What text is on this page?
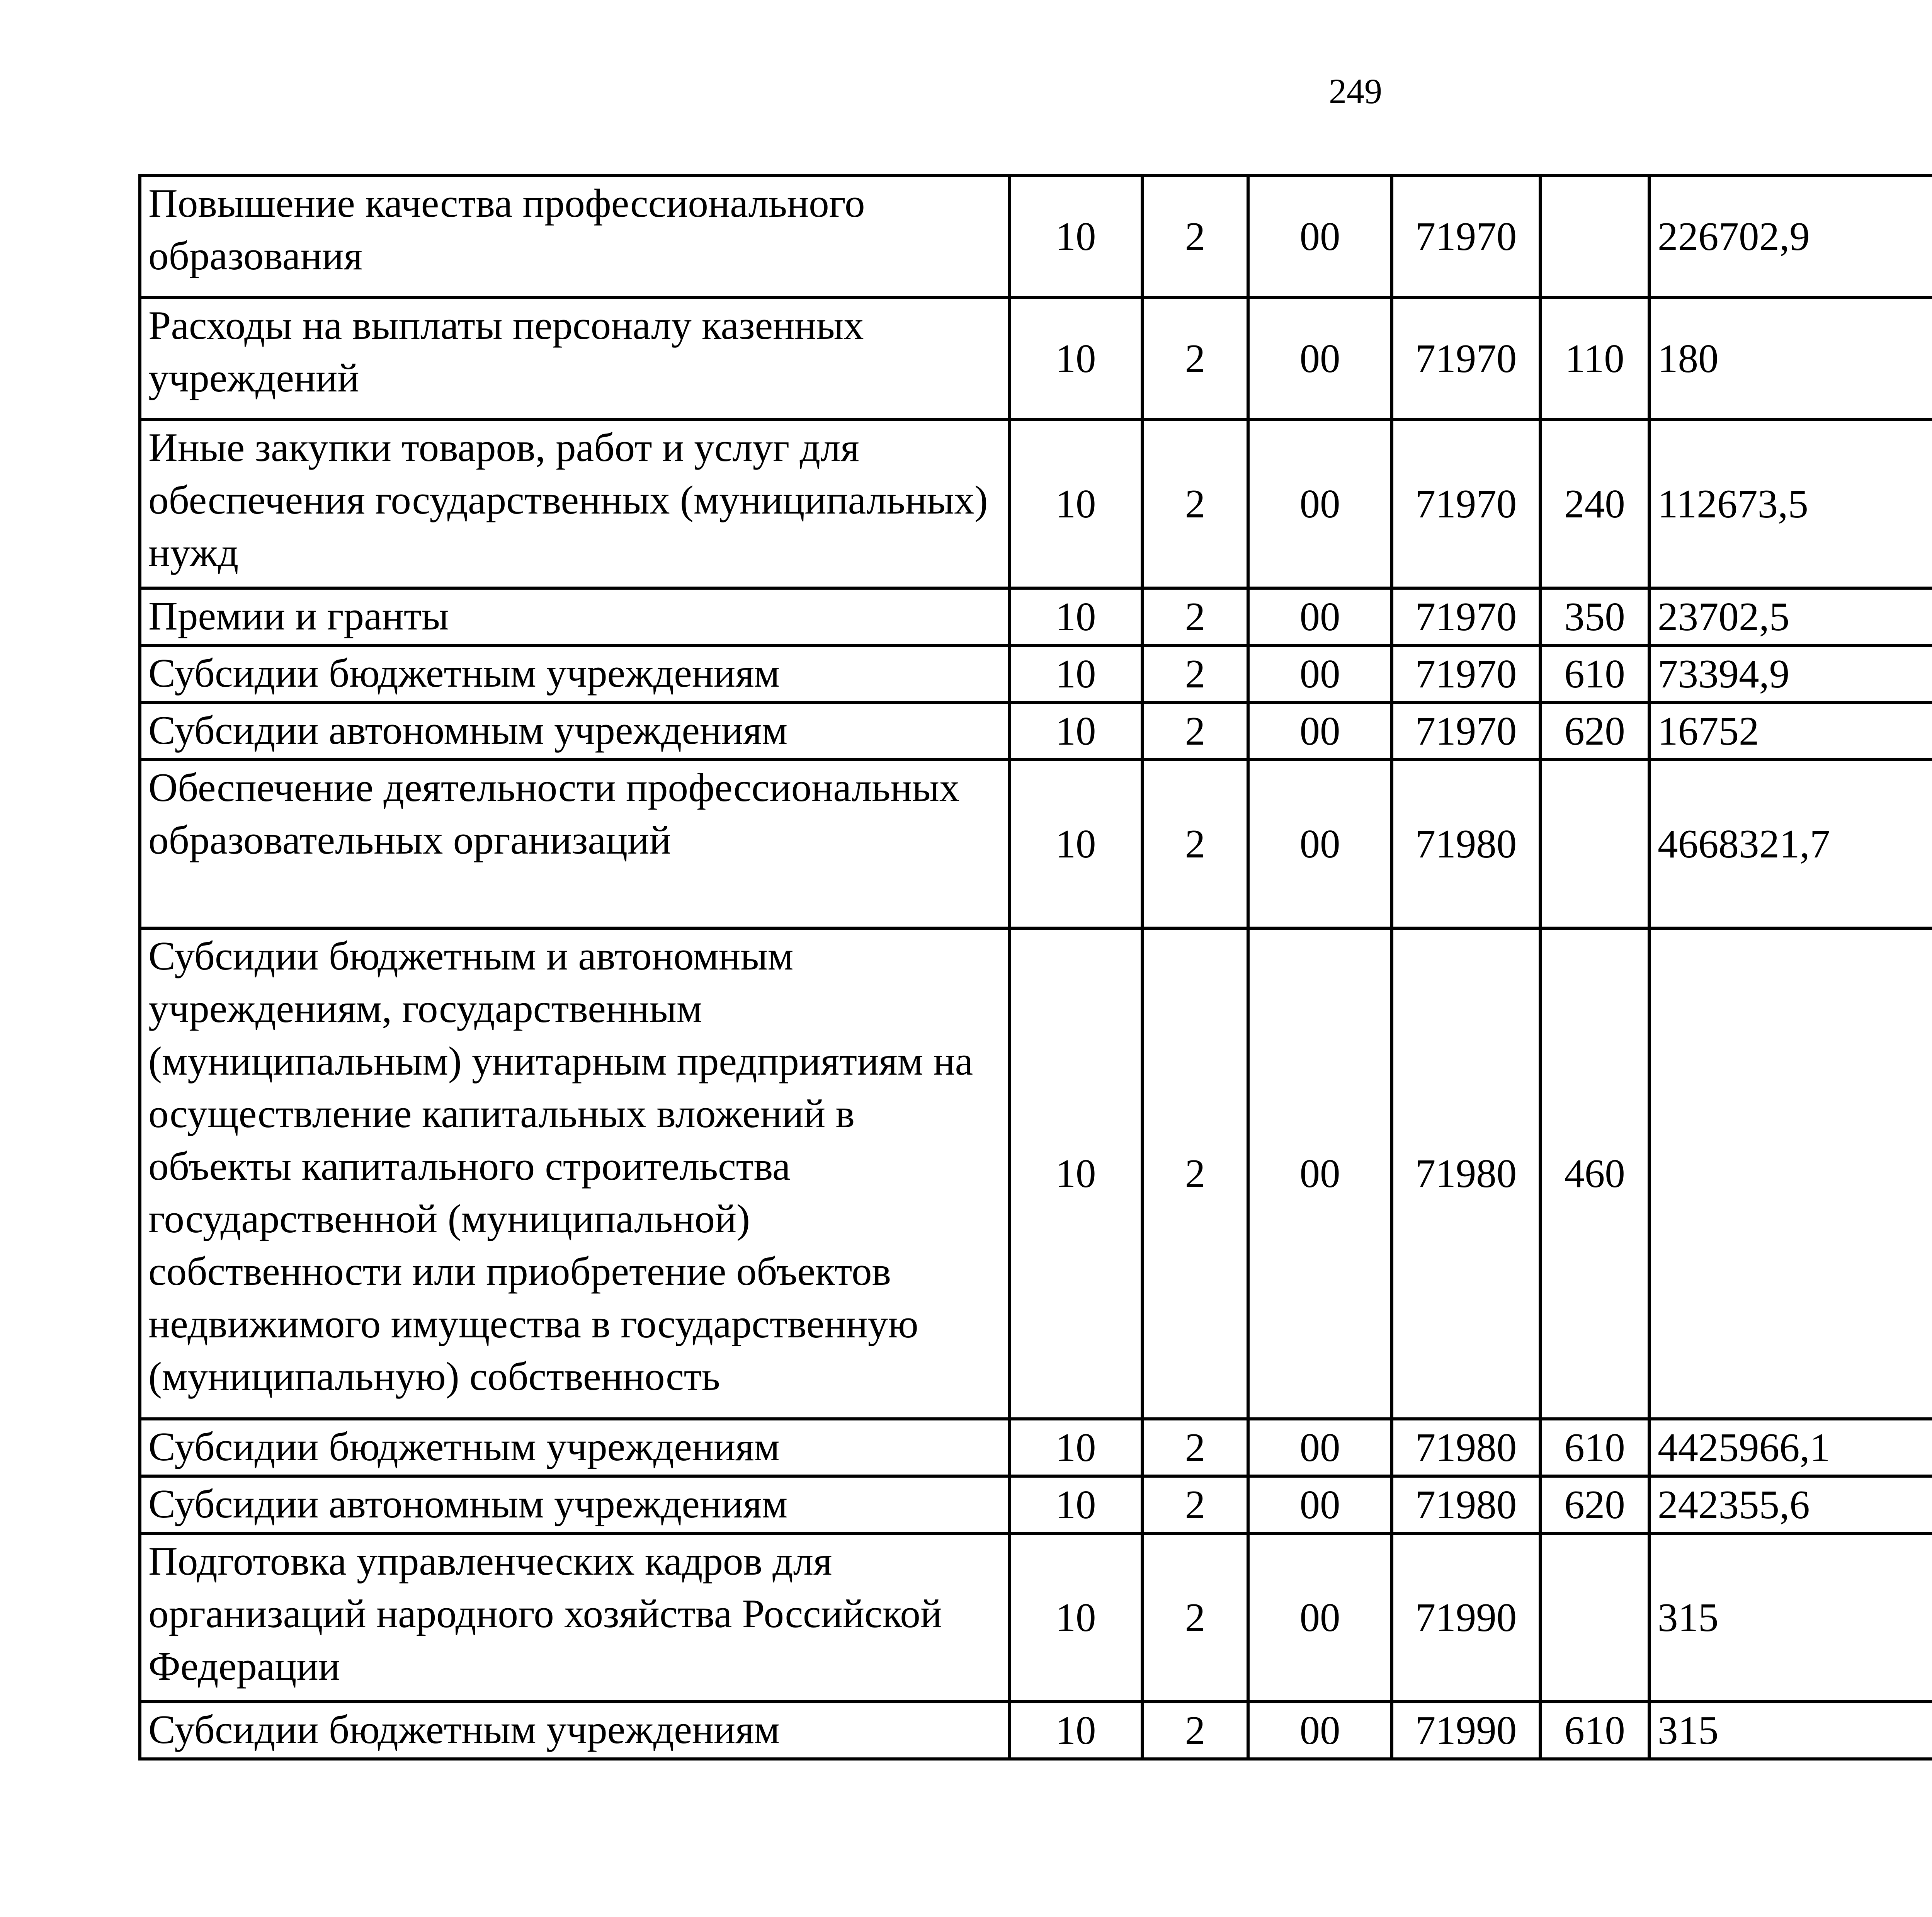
249
Повышение качества профессионального образования	10	2	00	71970		226702,9		
Расходы на выплаты персоналу казенных учреждений	10	2	00	71970	110	180		
Иные закупки товаров, работ и услуг для обеспечения государственных (муниципальных) нужд	10	2	00	71970	240	112673,5		
Премии и гранты	10	2	00	71970	350	23702,5		
Субсидии бюджетным учреждениям	10	2	00	71970	610	73394,9		
Субсидии автономным учреждениям	10	2	00	71970	620	16752		
Обеспечение деятельности профессиональных образовательных организаций	10	2	00	71980		4668321,7		
Субсидии бюджетным и автономным учреждениям, государственным (муниципальным) унитарным предприятиям на осуществление капитальных вложений в объекты капитального строительства государственной (муниципальной) собственности или приобретение объектов недвижимого имущества в государственную (муниципальную) собственность	10	2	00	71980	460			
Субсидии бюджетным учреждениям	10	2	00	71980	610	4425966,1		
Субсидии автономным учреждениям	10	2	00	71980	620	242355,6		
Подготовка управленческих кадров для организаций народного хозяйства Российской Федерации	10	2	00	71990		315		
Субсидии бюджетным учреждениям	10	2	00	71990	610	315		
